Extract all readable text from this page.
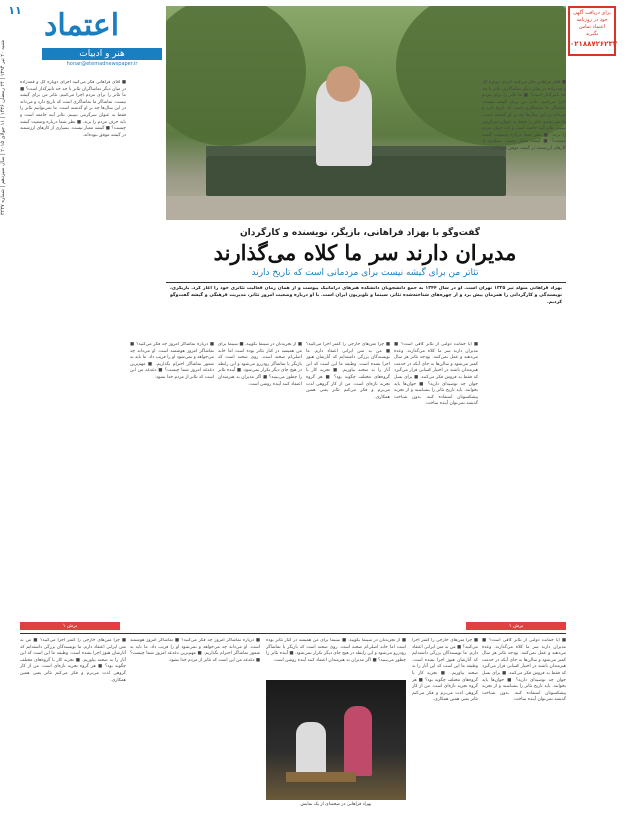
۱۱ اعتماد
هنر و ادبیات
honar@etemadnewspaper.ir
شنبه ۲۰ تیر ۱۳۹۴ | ۲۴ رمضان ۱۴۳۶ | ۱۱ جولای ۲۰۱۵ | سال سیزدهم | شماره ۳۲۳۷
برای دریافت آگهی خود در روزنامه اعتماد تماس بگیرید
۰۲۱۸۸۷۲۶۲۳۳
گفت‌وگو با بهزاد فراهانی، بازیگر، نویسنده و کارگردان
مدیران دارند سر ما کلاه می‌گذارند
تئاتر من برای گیشه نیست برای مردمانی است که تاریخ دارند
بهزاد فراهانی متولد تیر ۱۳۲۵ تهران است. او در سال ۱۳۴۴ به جمع دانشجویان دانشکده هنرهای دراماتیک پیوست و از همان زمان فعالیت تئاتری خود را آغاز کرد. بازیگری، نویسندگی و کارگردانی را همزمان پیش برد و از چهره‌های شناخته‌شده تئاتر، سینما و تلویزیون ایران است. با او درباره وضعیت امروز تئاتر، مدیریت فرهنگی و گیشه گفت‌وگو کردیم.
■ آقای فراهانی فکر می‌کنید اجرای دوباره گل و قمه‌زاده در میان دیگر تماشاگران تئاتر تا چه حد تاثیرگذار است؟ ■ ما تئاتر را برای مردم اجرا می‌کنیم. تئاتر من برای گیشه نیست. تماشاگر ما تماشاگری است که تاریخ دارد و می‌داند در این سال‌ها چه بر او گذشته است. ما نمی‌توانیم تئاتر را فقط به عنوان سرگرمی ببینیم. تئاتر آینه جامعه است و باید حرف مردم را بزند. ■ نظر شما درباره وضعیت گیشه چیست؟ ■ گیشه معیار نیست. بسیاری از کارهای ارزشمند در گیشه موفق نبوده‌اند.
■ آیا حمایت دولتی از تئاتر کافی است؟ ■ مدیران دارند سر ما کلاه می‌گذارند. وعده می‌دهند و عمل نمی‌کنند. بودجه تئاتر هر سال کمتر می‌شود و سالن‌ها به جای آنکه در خدمت هنرمندان باشند در اختیار کسانی قرار می‌گیرد که فقط به فروش فکر می‌کنند. ■ برای نسل جوان چه توصیه‌ای دارید؟ ■ جوان‌ها باید بخوانند. باید تاریخ تئاتر را بشناسند و از تجربه پیشکسوتان استفاده کنند. بدون شناخت گذشته نمی‌توان آینده ساخت.
■ چرا متن‌های خارجی را کمتر اجرا می‌کنید؟ ■ من به متن ایرانی اعتقاد دارم. ما نویسندگان بزرگی داشته‌ایم که آثارشان هنوز اجرا نشده است. وظیفه ما این است که این آثار را به صحنه بیاوریم. ■ تجربه کار با گروه‌های مختلف چگونه بود؟ ■ هر گروه تجربه تازه‌ای است. من از کار گروهی لذت می‌برم و فکر می‌کنم تئاتر یعنی همین همکاری.
■ از تجربه‌تان در سینما بگویید. ■ سینما برای من همیشه در کنار تئاتر بوده است اما خانه اصلی‌ام صحنه است. روی صحنه است که بازیگر با تماشاگر رودررو می‌شود و این رابطه در هیچ جای دیگر تکرار نمی‌شود. ■ آینده تئاتر را چطور می‌بینید؟ ■ اگر مدیران به هنرمندان اعتماد کنند آینده روشن است.
■ درباره تماشاگر امروز چه فکر می‌کنید؟ ■ تماشاگر امروز هوشمند است. او می‌داند چه می‌خواهد و نمی‌شود او را فریب داد. ما باید به شعور تماشاگر احترام بگذاریم. ■ مهم‌ترین دغدغه امروز شما چیست؟ ■ دغدغه من این است که تئاتر از مردم جدا نشود.
■ آقای فراهانی فکر می‌کنید اجرای دوباره گل و قمه‌زاده در میان دیگر تماشاگران تئاتر تا چه حد تاثیرگذار است؟ ■ ما تئاتر را برای مردم اجرا می‌کنیم. تئاتر من برای گیشه نیست. تماشاگر ما تماشاگری است که تاریخ دارد و می‌داند در این سال‌ها چه بر او گذشته است. ما نمی‌توانیم تئاتر را فقط به عنوان سرگرمی ببینیم. تئاتر آینه جامعه است و باید حرف مردم را بزند. ■ نظر شما درباره وضعیت گیشه چیست؟ ■ گیشه معیار نیست. بسیاری از کارهای ارزشمند در گیشه موفق نبوده‌اند.
برش ۱
برش ۱
■ آیا حمایت دولتی از تئاتر کافی است؟ ■ مدیران دارند سر ما کلاه می‌گذارند. وعده می‌دهند و عمل نمی‌کنند. بودجه تئاتر هر سال کمتر می‌شود و سالن‌ها به جای آنکه در خدمت هنرمندان باشند در اختیار کسانی قرار می‌گیرد که فقط به فروش فکر می‌کنند. ■ برای نسل جوان چه توصیه‌ای دارید؟ ■ جوان‌ها باید بخوانند. باید تاریخ تئاتر را بشناسند و از تجربه پیشکسوتان استفاده کنند. بدون شناخت گذشته نمی‌توان آینده ساخت.
■ چرا متن‌های خارجی را کمتر اجرا می‌کنید؟ ■ من به متن ایرانی اعتقاد دارم. ما نویسندگان بزرگی داشته‌ایم که آثارشان هنوز اجرا نشده است. وظیفه ما این است که این آثار را به صحنه بیاوریم. ■ تجربه کار با گروه‌های مختلف چگونه بود؟ ■ هر گروه تجربه تازه‌ای است. من از کار گروهی لذت می‌برم و فکر می‌کنم تئاتر یعنی همین همکاری.
■ از تجربه‌تان در سینما بگویید. ■ سینما برای من همیشه در کنار تئاتر بوده است اما خانه اصلی‌ام صحنه است. روی صحنه است که بازیگر با تماشاگر رودررو می‌شود و این رابطه در هیچ جای دیگر تکرار نمی‌شود. ■ آینده تئاتر را چطور می‌بینید؟ ■ اگر مدیران به هنرمندان اعتماد کنند آینده روشن است.
■ درباره تماشاگر امروز چه فکر می‌کنید؟ ■ تماشاگر امروز هوشمند است. او می‌داند چه می‌خواهد و نمی‌شود او را فریب داد. ما باید به شعور تماشاگر احترام بگذاریم. ■ مهم‌ترین دغدغه امروز شما چیست؟ ■ دغدغه من این است که تئاتر از مردم جدا نشود.
■ چرا متن‌های خارجی را کمتر اجرا می‌کنید؟ ■ من به متن ایرانی اعتقاد دارم. ما نویسندگان بزرگی داشته‌ایم که آثارشان هنوز اجرا نشده است. وظیفه ما این است که این آثار را به صحنه بیاوریم. ■ تجربه کار با گروه‌های مختلف چگونه بود؟ ■ هر گروه تجربه تازه‌ای است. من از کار گروهی لذت می‌برم و فکر می‌کنم تئاتر یعنی همین همکاری.
بهزاد فراهانی در صحنه‌ای از یک نمایش
